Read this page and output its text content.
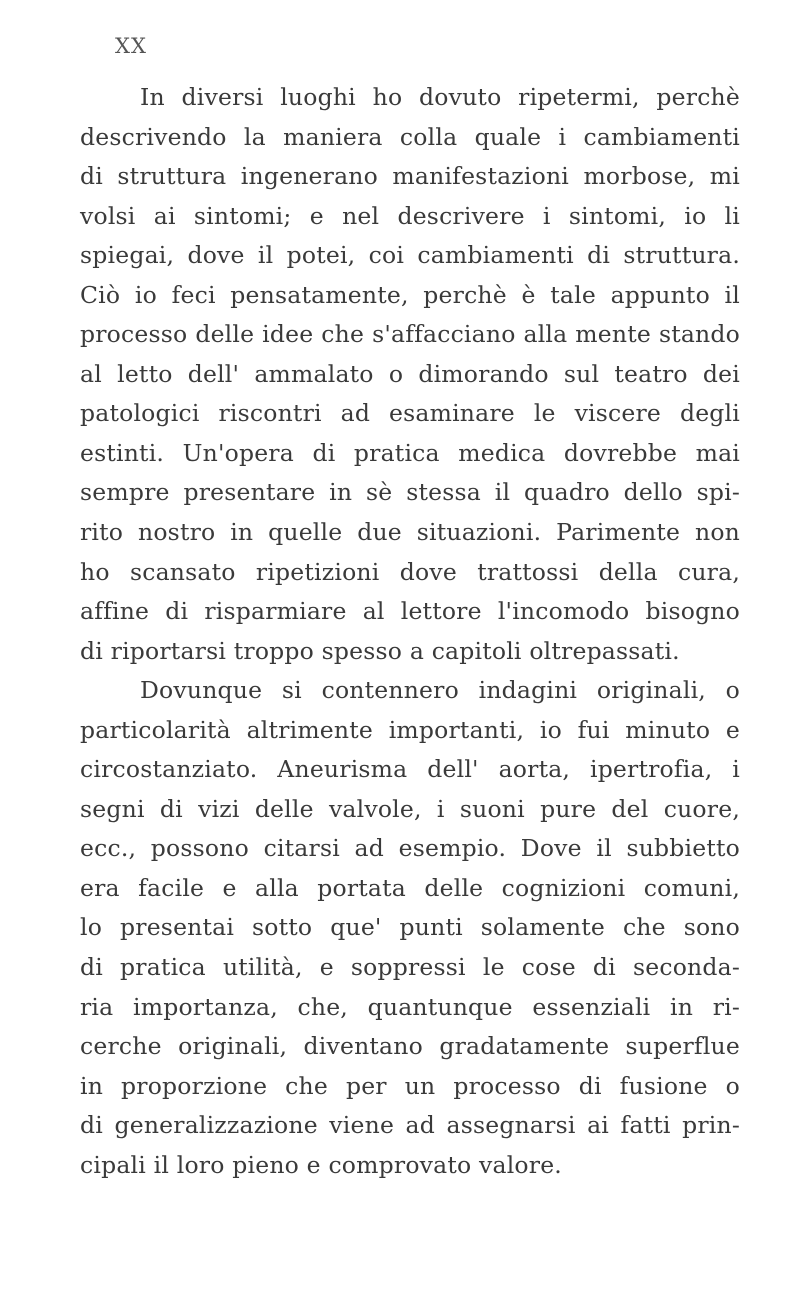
XX
In diversi luoghi ho dovuto ripetermi, perchè
descrivendo la maniera colla quale i cambiamenti
di struttura ingenerano manifestazioni morbose, mi
volsi ai sintomi; e nel descrivere i sintomi, io li
spiegai, dove il potei, coi cambiamenti di struttura.
Ciò io feci pensatamente, perchè è tale appunto il
processo delle idee che s'affacciano alla mente stando
al letto dell' ammalato o dimorando sul teatro dei
patologici riscontri ad esaminare le viscere degli
estinti. Un'opera di pratica medica dovrebbe mai
sempre presentare in sè stessa il quadro dello spi-
rito nostro in quelle due situazioni. Parimente non
ho scansato ripetizioni dove trattossi della cura,
affine di risparmiare al lettore l'incomodo bisogno
di riportarsi troppo spesso a capitoli oltrepassati.
Dovunque si contennero indagini originali, o
particolarità altrimente importanti, io fui minuto e
circostanziato. Aneurisma dell' aorta, ipertrofia, i
segni di vizi delle valvole, i suoni pure del cuore,
ecc., possono citarsi ad esempio. Dove il subbietto
era facile e alla portata delle cognizioni comuni,
lo presentai sotto que' punti solamente che sono
di pratica utilità, e soppressi le cose di seconda-
ria importanza, che, quantunque essenziali in ri-
cerche originali, diventano gradatamente superflue
in proporzione che per un processo di fusione o
di generalizzazione viene ad assegnarsi ai fatti prin-
cipali il loro pieno e comprovato valore.
